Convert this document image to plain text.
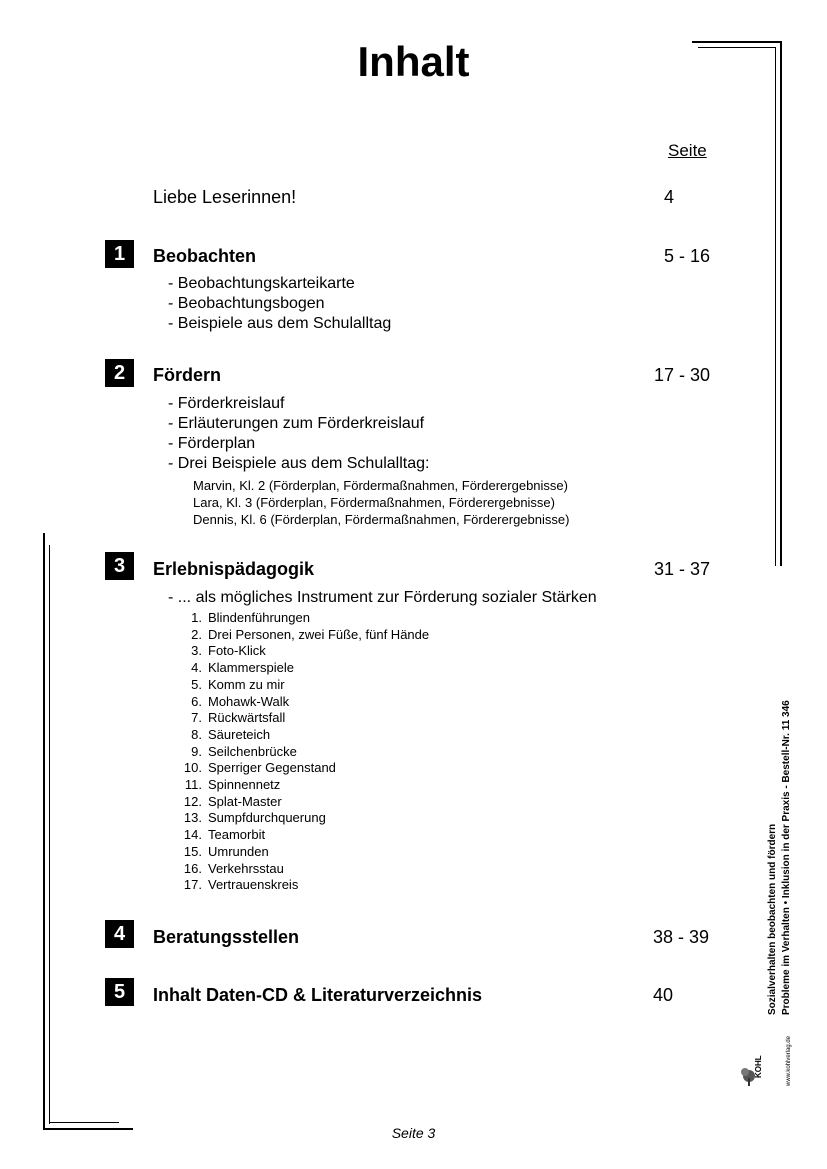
Inhalt
Seite
Liebe Leserinnen!	4
1	Beobachten	5 - 16
- Beobachtungskarteikarte
- Beobachtungsbogen
- Beispiele aus dem Schulalltag
2	Fördern	17 - 30
- Förderkreislauf
- Erläuterungen zum Förderkreislauf
- Förderplan
- Drei Beispiele aus dem Schulalltag:
Marvin, Kl. 2 (Förderplan, Fördermaßnahmen, Förderergebnisse)
Lara, Kl. 3 (Förderplan, Fördermaßnahmen, Förderergebnisse)
Dennis, Kl. 6 (Förderplan, Fördermaßnahmen, Förderergebnisse)
3	Erlebnispädagogik	31 - 37
- ... als mögliches Instrument zur Förderung sozialer Stärken
1. Blindenführungen
2. Drei Personen, zwei Füße, fünf Hände
3. Foto-Klick
4. Klammerspiele
5. Komm zu mir
6. Mohawk-Walk
7. Rückwärtsfall
8. Säureteich
9. Seilchenbrücke
10. Sperriger Gegenstand
11. Spinnennetz
12. Splat-Master
13. Sumpfdurchquerung
14. Teamorbit
15. Umrunden
16. Verkehrsstau
17. Vertrauenskreis
4	Beratungsstellen	38 - 39
5	Inhalt Daten-CD & Literaturverzeichnis	40	Sozialverhalten beobachten und fördern Probleme im Verhalten • Inklusion in der Praxis - Bestell-Nr. 11 346
KOHL	www.kohlverlag.de
Seite 3
